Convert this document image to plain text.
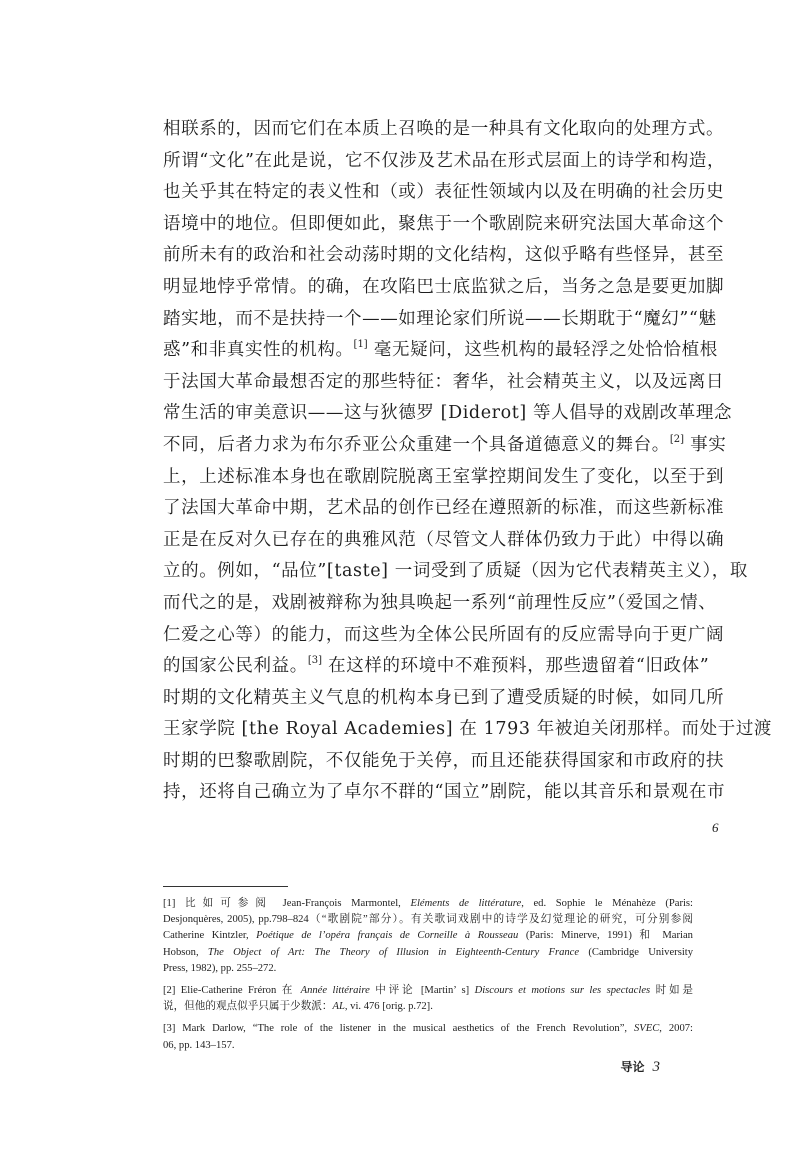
相联系的，因而它们在本质上召唤的是一种具有文化取向的处理方式。
所谓“文化”在此是说，它不仅涉及艺术品在形式层面上的诗学和构造，
也关乎其在特定的表义性和（或）表征性领域内以及在明确的社会历史
语境中的地位。但即便如此，聚焦于一个歌剧院来研究法国大革命这个
前所未有的政治和社会动荡时期的文化结构，这似乎略有些怪异，甚至
明显地悖乎常情。的确，在攻陷巴士底监狱之后，当务之急是要更加脚
踏实地，而不是扶持一个——如理论家们所说——长期耽于“魔幻”“魅
惑”和非真实性的机构。[1] 毫无疑问，这些机构的最轻浮之处恰恰植根
于法国大革命最想否定的那些特征：奢华，社会精英主义，以及远离日
常生活的审美意识——这与狄德罗 [Diderot] 等人倡导的戏剧改革理念
不同，后者力求为布尔乔亚公众重建一个具备道德意义的舞台。[2] 事实
上，上述标准本身也在歌剧院脱离王室掌控期间发生了变化，以至于到
了法国大革命中期，艺术品的创作已经在遵照新的标准，而这些新标准
正是在反对久已存在的典雅风范（尽管文人群体仍致力于此）中得以确
立的。例如，“品位”[taste] 一词受到了质疑（因为它代表精英主义），取
而代之的是，戏剧被辩称为独具唤起一系列“前理性反应”（爱国之情、
仁爱之心等）的能力，而这些为全体公民所固有的反应需导向于更广阔
的国家公民利益。[3] 在这样的环境中不难预料，那些遗留着“旧政体”
时期的文化精英主义气息的机构本身已到了遭受质疑的时候，如同几所
王家学院 [the Royal Academies] 在 1793 年被迫关闭那样。而处于过渡
时期的巴黎歌剧院，不仅能免于关停，而且还能获得国家和市政府的扶
持，还将自己确立为了卓尔不群的“国立”剧院，能以其音乐和景观在市
6
[1] 比如可参阅 Jean-François Marmontel, Eléments de littérature, ed. Sophie le Ménahèze (Paris:
Desjonquères, 2005), pp.798–824（“歌剧院”部分）。有关歌词戏剧中的诗学及幻觉理论的研究，可分别参阅
Catherine Kintzler, Poétique de l’opéra français de Corneille à Rousseau (Paris: Minerve, 1991) 和 Marian
Hobson, The Object of Art: The Theory of Illusion in Eighteenth-Century France (Cambridge University
Press, 1982), pp. 255–272.
[2] Elie-Catherine Fréron 在 Année littéraire 中评论 [Martin’ s] Discours et motions sur les spectacles 时如是
说，但他的观点似乎只属于少数派：AL, vi. 476 [orig. p.72].
[3] Mark Darlow, “The role of the listener in the musical aesthetics of the French Revolution”, SVEC, 2007:
06, pp. 143–157.
导论 3
